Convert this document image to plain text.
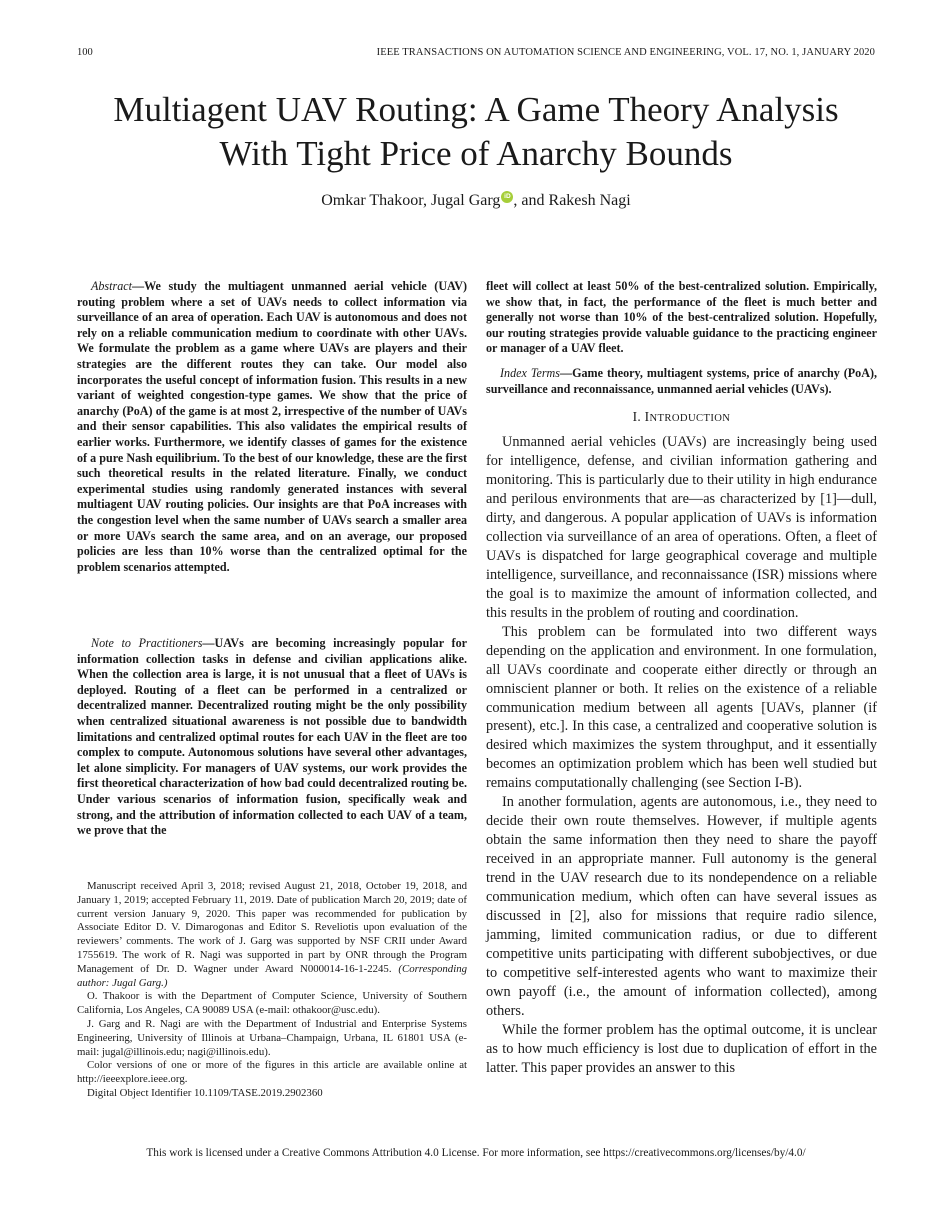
100	IEEE TRANSACTIONS ON AUTOMATION SCIENCE AND ENGINEERING, VOL. 17, NO. 1, JANUARY 2020
Multiagent UAV Routing: A Game Theory Analysis
With Tight Price of Anarchy Bounds
Omkar Thakoor, Jugal Garg iD , and Rakesh Nagi

Abstract—We study the multiagent unmanned aerial vehicle (UAV) routing problem where a set of UAVs needs to collect information via surveillance of an area of operation. Each UAV is autonomous and does not rely on a reliable communication medium to coordinate with other UAVs. We formulate the problem as a game where UAVs are players and their strategies are the different routes they can take. Our model also incorporates the useful concept of information fusion. This results in a new variant of weighted congestion-type games. We show that the price of anarchy (PoA) of the game is at most 2, irrespective of the number of UAVs and their sensor capabilities. This also validates the empirical results of earlier works. Furthermore, we identify classes of games for the existence of a pure Nash equilibrium. To the best of our knowledge, these are the first such theoretical results in the related literature. Finally, we conduct experimental studies using randomly generated instances with several multiagent UAV routing policies. Our insights are that PoA increases with the congestion level when the same number of UAVs search a smaller area or more UAVs search the same area, and on an average, our proposed policies are less than 10% worse than the centralized optimal for the problem scenarios attempted.

Note to Practitioners—UAVs are becoming increasingly popular for information collection tasks in defense and civilian applications alike. When the collection area is large, it is not unusual that a fleet of UAVs is deployed. Routing of a fleet can be performed in a centralized or decentralized manner. Decentralized routing might be the only possibility when centralized situational awareness is not possible due to bandwidth limitations and centralized optimal routes for each UAV in the fleet are too complex to compute. Autonomous solutions have several other advantages, let alone simplicity. For managers of UAV systems, our work provides the first theoretical characterization of how bad could decentralized routing be. Under various scenarios of information fusion, specifically weak and strong, and the attribution of information collected to each UAV of a team, we prove that the

Manuscript received April 3, 2018; revised August 21, 2018, October 19, 2018, and January 1, 2019; accepted February 11, 2019. Date of publication March 20, 2019; date of current version January 9, 2020. This paper was recommended for publication by Associate Editor D. V. Dimarogonas and Editor S. Reveliotis upon evaluation of the reviewers’ comments. The work of J. Garg was supported by NSF CRII under Award 1755619. The work of R. Nagi was supported in part by ONR through the Program Management of Dr. D. Wagner under Award N000014-16-1-2245. (Corresponding author: Jugal Garg.)

O. Thakoor is with the Department of Computer Science, University of Southern California, Los Angeles, CA 90089 USA (e-mail: othakoor@usc.edu).

J. Garg and R. Nagi are with the Department of Industrial and Enterprise Systems Engineering, University of Illinois at Urbana–Champaign, Urbana, IL 61801 USA (e-mail: jugal@illinois.edu; nagi@illinois.edu).

Color versions of one or more of the figures in this article are available online at http://ieeexplore.ieee.org.

Digital Object Identifier 10.1109/TASE.2019.2902360

fleet will collect at least 50% of the best-centralized solution. Empirically, we show that, in fact, the performance of the fleet is much better and generally not worse than 10% of the best-centralized solution. Hopefully, our routing strategies provide valuable guidance to the practicing engineer or manager of a UAV fleet.

Index Terms—Game theory, multiagent systems, price of anarchy (PoA), surveillance and reconnaissance, unmanned aerial vehicles (UAVs).

I. INTRODUCTION

Unmanned aerial vehicles (UAVs) are increasingly being used for intelligence, defense, and civilian information gathering and monitoring. This is particularly due to their utility in high endurance and perilous environments that are—as characterized by [1]—dull, dirty, and dangerous. A popular application of UAVs is information collection via surveillance of an area of operations. Often, a fleet of UAVs is dispatched for large geographical coverage and multiple intelligence, surveillance, and reconnaissance (ISR) missions where the goal is to maximize the amount of information collected, and this results in the problem of routing and coordination.

This problem can be formulated into two different ways depending on the application and environment. In one formulation, all UAVs coordinate and cooperate either directly or through an omniscient planner or both. It relies on the existence of a reliable communication medium between all agents [UAVs, planner (if present), etc.]. In this case, a centralized and cooperative solution is desired which maximizes the system throughput, and it essentially becomes an optimization problem which has been well studied but remains computationally challenging (see Section I-B).

In another formulation, agents are autonomous, i.e., they need to decide their own route themselves. However, if multiple agents obtain the same information then they need to share the payoff received in an appropriate manner. Full autonomy is the general trend in the UAV research due to its nondependence on a reliable communication medium, which often can have several issues as discussed in [2], also for missions that require radio silence, jamming, limited communication radius, or due to different competitive units participating with different subobjectives, or due to competitive self-interested agents who want to maximize their own payoff (i.e., the amount of information collected), among others.

While the former problem has the optimal outcome, it is unclear as to how much efficiency is lost due to duplication of effort in the latter. This paper provides an answer to this

This work is licensed under a Creative Commons Attribution 4.0 License. For more information, see https://creativecommons.org/licenses/by/4.0/
